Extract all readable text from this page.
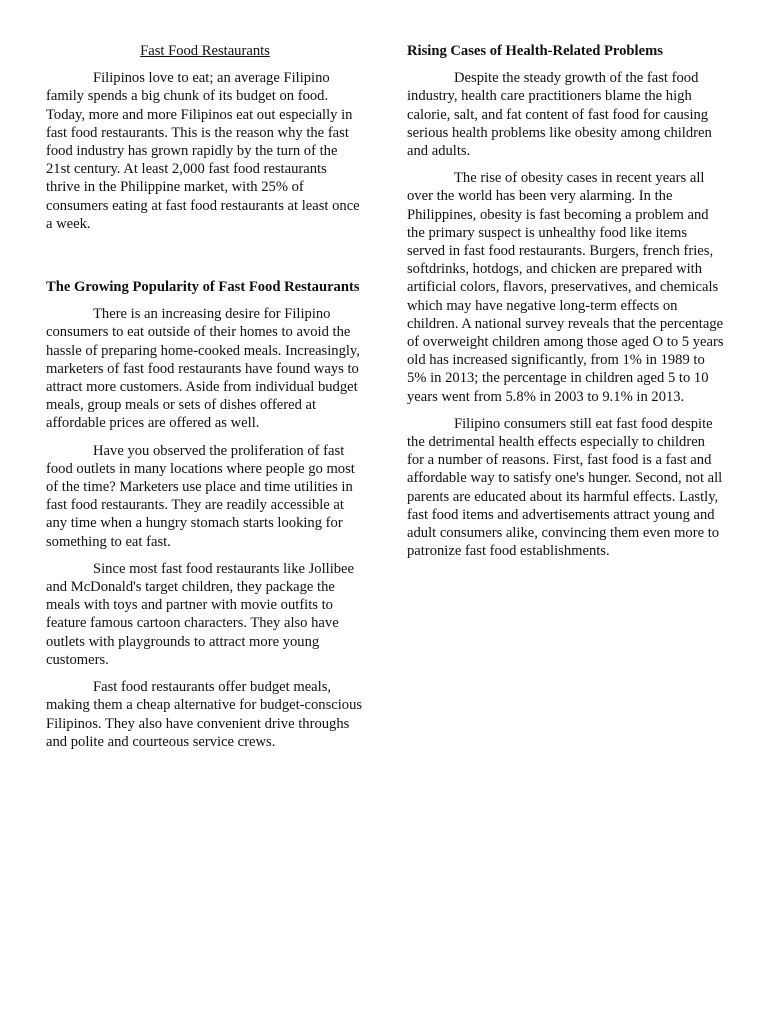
Fast Food Restaurants

Filipinos love to eat; an average Filipino family spends a big chunk of its budget on food. Today, more and more Filipinos eat out especially in fast food restaurants. This is the reason why the fast food industry has grown rapidly by the turn of the 21st century. At least 2,000 fast food restaurants thrive in the Philippine market, with 25% of consumers eating at fast food restaurants at least once a week.

The Growing Popularity of Fast Food Restaurants

There is an increasing desire for Filipino consumers to eat outside of their homes to avoid the hassle of preparing home-cooked meals. Increasingly, marketers of fast food restaurants have found ways to attract more customers. Aside from individual budget meals, group meals or sets of dishes offered at affordable prices are offered as well.

Have you observed the proliferation of fast food outlets in many locations where people go most of the time? Marketers use place and time utilities in fast food restaurants. They are readily accessible at any time when a hungry stomach starts looking for something to eat fast.

Since most fast food restaurants like Jollibee and McDonald's target children, they package the meals with toys and partner with movie outfits to feature famous cartoon characters. They also have outlets with playgrounds to attract more young customers.

Fast food restaurants offer budget meals, making them a cheap alternative for budget-conscious Filipinos. They also have convenient drive throughs and polite and courteous service crews.

Rising Cases of Health-Related Problems

Despite the steady growth of the fast food industry, health care practitioners blame the high calorie, salt, and fat content of fast food for causing serious health problems like obesity among children and adults.

The rise of obesity cases in recent years all over the world has been very alarming. In the Philippines, obesity is fast becoming a problem and the primary suspect is unhealthy food like items served in fast food restaurants. Burgers, french fries, softdrinks, hotdogs, and chicken are prepared with artificial colors, flavors, preservatives, and chemicals which may have negative long-term effects on children. A national survey reveals that the percentage of overweight children among those aged O to 5 years old has increased significantly, from 1% in 1989 to 5% in 2013; the percentage in children aged 5 to 10 years went from 5.8% in 2003 to 9.1% in 2013.

Filipino consumers still eat fast food despite the detrimental health effects especially to children for a number of reasons. First, fast food is a fast and affordable way to satisfy one's hunger. Second, not all parents are educated about its harmful effects. Lastly, fast food items and advertisements attract young and adult consumers alike, convincing them even more to patronize fast food establishments.
